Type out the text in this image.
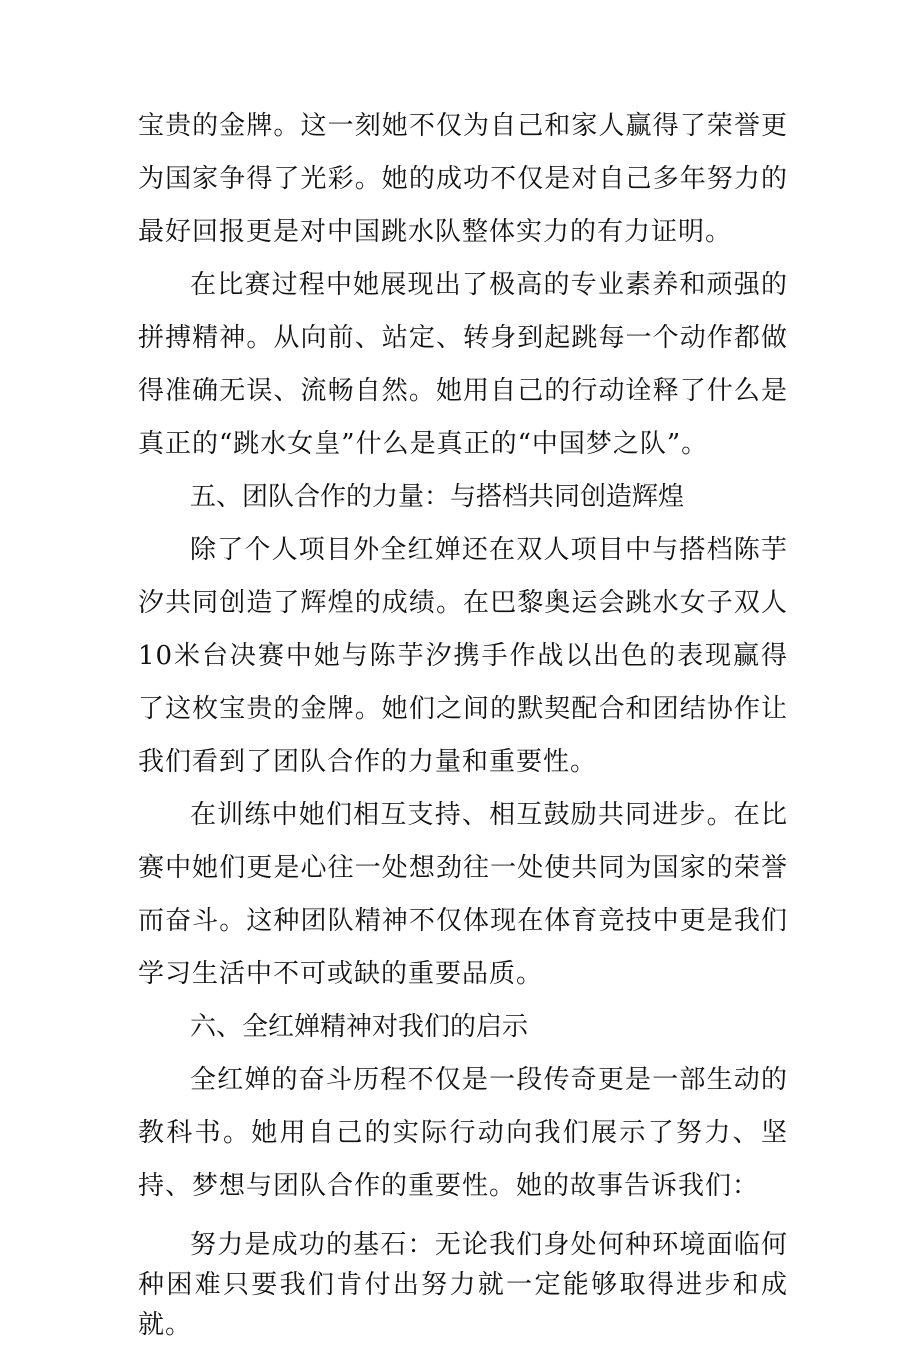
宝贵的金牌。这一刻她不仅为自己和家人赢得了荣誉更为国家争得了光彩。她的成功不仅是对自己多年努力的最好回报更是对中国跳水队整体实力的有力证明。

在比赛过程中她展现出了极高的专业素养和顽强的拼搏精神。从向前、站定、转身到起跳每一个动作都做得准确无误、流畅自然。她用自己的行动诠释了什么是真正的“跳水女皇”什么是真正的“中国梦之队”。

五、团队合作的力量：与搭档共同创造辉煌

除了个人项目外全红婵还在双人项目中与搭档陈芋汐共同创造了辉煌的成绩。在巴黎奥运会跳水女子双人10米台决赛中她与陈芋汐携手作战以出色的表现赢得了这枚宝贵的金牌。她们之间的默契配合和团结协作让我们看到了团队合作的力量和重要性。

在训练中她们相互支持、相互鼓励共同进步。在比赛中她们更是心往一处想劲往一处使共同为国家的荣誉而奋斗。这种团队精神不仅体现在体育竞技中更是我们学习生活中不可或缺的重要品质。

六、全红婵精神对我们的启示

全红婵的奋斗历程不仅是一段传奇更是一部生动的教科书。她用自己的实际行动向我们展示了努力、坚持、梦想与团队合作的重要性。她的故事告诉我们：

努力是成功的基石：无论我们身处何种环境面临何种困难只要我们肯付出努力就一定能够取得进步和成就。
